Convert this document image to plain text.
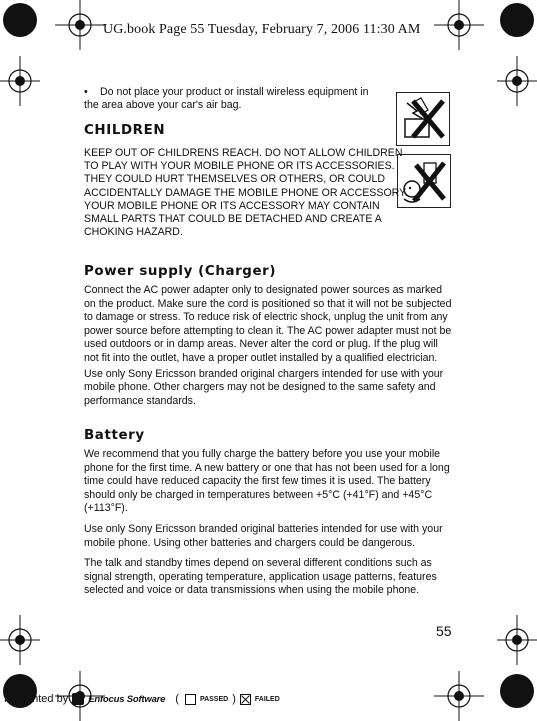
UG.book Page 55 Tuesday, February 7, 2006 11:30 AM
• Do not place your product or install wireless equipment in the area above your car's air bag.
CHILDREN
KEEP OUT OF CHILDRENS REACH. DO NOT ALLOW CHILDREN TO PLAY WITH YOUR MOBILE PHONE OR ITS ACCESSORIES. THEY COULD HURT THEMSELVES OR OTHERS, OR COULD ACCIDENTALLY DAMAGE THE MOBILE PHONE OR ACCESSORY. YOUR MOBILE PHONE OR ITS ACCESSORY MAY CONTAIN SMALL PARTS THAT COULD BE DETACHED AND CREATE A CHOKING HAZARD.
Power supply (Charger)

Connect the AC power adapter only to designated power sources as marked on the product. Make sure the cord is positioned so that it will not be subjected to damage or stress. To reduce risk of electric shock, unplug the unit from any power source before attempting to clean it. The AC power adapter must not be used outdoors or in damp areas. Never alter the cord or plug. If the plug will not fit into the outlet, have a proper outlet installed by a qualified electrician.

Use only Sony Ericsson branded original chargers intended for use with your mobile phone. Other chargers may not be designed to the same safety and performance standards.

Battery

We recommend that you fully charge the battery before you use your mobile phone for the first time. A new battery or one that has not been used for a long time could have reduced capacity the first few times it is used. The battery should only be charged in temperatures between +5°C (+41°F) and +45°C (+113°F).

Use only Sony Ericsson branded original batteries intended for use with your mobile phone. Using other batteries and chargers could be dangerous.

The talk and standby times depend on several different conditions such as signal strength, operating temperature, application usage patterns, features selected and voice or data transmissions when using the mobile phone.

55
Prelighted by Enfocus Software (	PASSED )	FAILED
